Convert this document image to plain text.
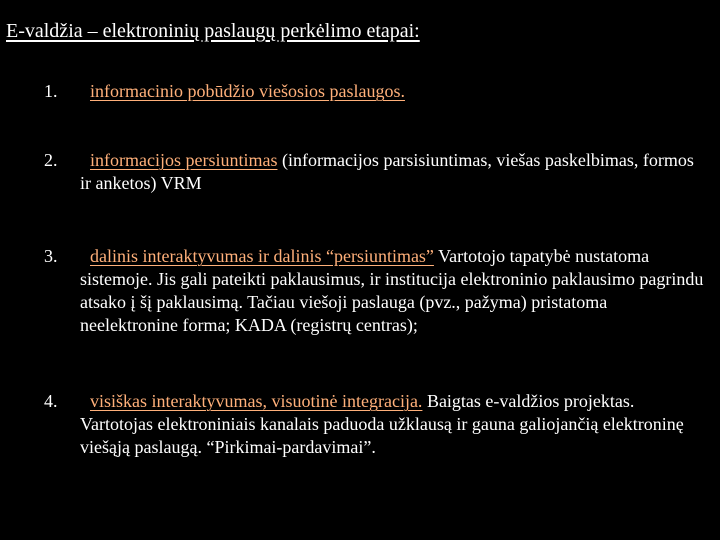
E-valdžia – elektroninių paslaugų perkėlimo etapai:
1.	informacinio pobūdžio viešosios paslaugos.
2.	informacijos persiuntimas (informacijos parsisiuntimas, viešas paskelbimas, formos ir anketos) VRM
3.	dalinis interaktyvumas ir dalinis “persiuntimas” Vartotojo tapatybė nustatoma sistemoje. Jis gali pateikti paklausimus, ir institucija elektroninio paklausimo pagrindu atsako į šį paklausimą. Tačiau viešoji paslauga (pvz., pažyma) pristatoma neelektronine forma; KADA (registrų centras);
4.	visiškas interaktyvumas, visuotinė integracija. Baigtas e-valdžios projektas. Vartotojas elektroniniais kanalais paduoda užklausą ir gauna galiojančią elektroninę viešąją paslaugą. “Pirkimai-pardavimai”.
